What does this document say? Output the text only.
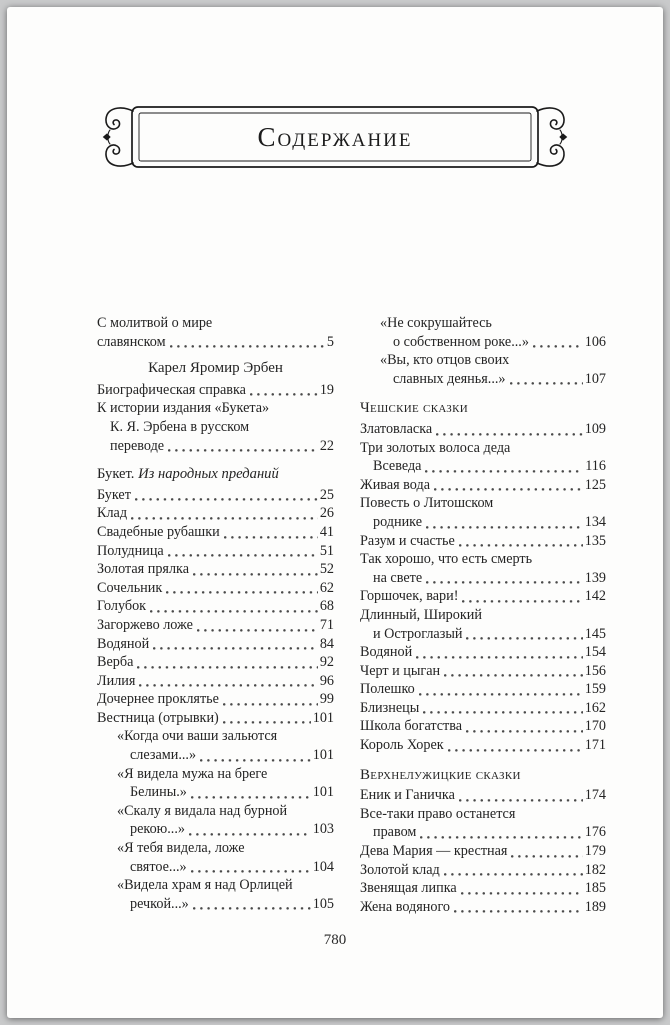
Содержание
С молитвой о мире
славянском	5
Карел Яромир Эрбен
Биографическая справка	19
К истории издания «Букета»
К. Я. Эрбена в русском
переводе	22
Букет. Из народных преданий
Букет	25
Клад	26
Свадебные рубашки	41
Полудница	51
Золотая прялка	52
Сочельник	62
Голубок	68
Загоржево ложе	71
Водяной	84
Верба	92
Лилия	96
Дочернее проклятье	99
Вестница (отрывки)	101
«Когда очи ваши зальются
слезами...»	101
«Я видела мужа на бреге
Белины.»	101
«Скалу я видала над бурной
рекою...»	103
«Я тебя видела, ложе
святое...»	104
«Видела храм я над Орлицей
речкой...»	105
«Не сокрушайтесь
о собственном роке...»	106
«Вы, кто отцов своих
славных деянья...»	107
Чешские сказки
Златовласка	109
Три золотых волоса деда
Всеведа	116
Живая вода	125
Повесть о Литошском
роднике	134
Разум и счастье	135
Так хорошо, что есть смерть
на свете	139
Горшочек, вари!	142
Длинный, Широкий
и Остроглазый	145
Водяной	154
Черт и цыган	156
Полешко	159
Близнецы	162
Школа богатства	170
Король Хорек	171
Верхнелужицкие сказки
Еник и Ганичка	174
Все-таки право останется
правом	176
Дева Мария — крестная	179
Золотой клад	182
Звенящая липка	185
Жена водяного	189
780
